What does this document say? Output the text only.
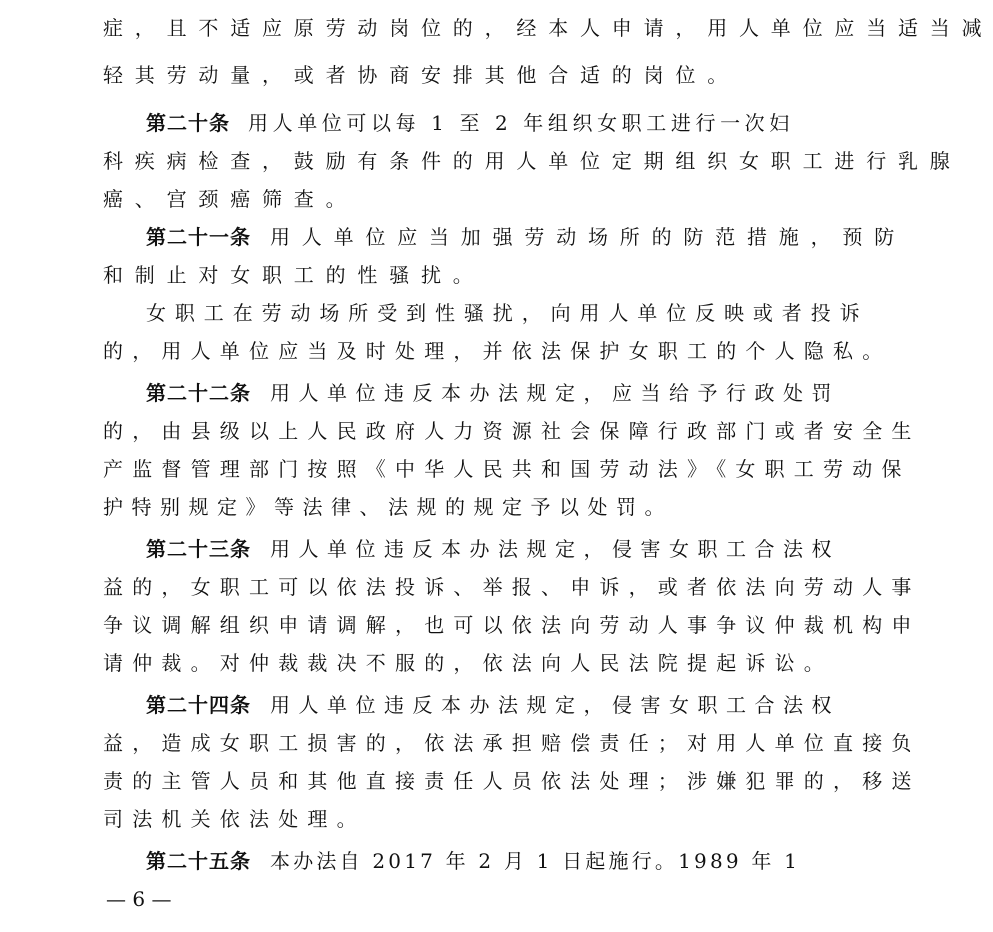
症，且不适应原劳动岗位的，经本人申请，用人单位应当适当减
轻其劳动量，或者协商安排其他合适的岗位。
第二十条 用人单位可以每 1 至 2 年组织女职工进行一次妇
科疾病检查，鼓励有条件的用人单位定期组织女职工进行乳腺
癌、宫颈癌筛查。
第二十一条 用人单位应当加强劳动场所的防范措施，预防
和制止对女职工的性骚扰。
女职工在劳动场所受到性骚扰，向用人单位反映或者投诉
的，用人单位应当及时处理，并依法保护女职工的个人隐私。
第二十二条 用人单位违反本办法规定，应当给予行政处罚
的，由县级以上人民政府人力资源社会保障行政部门或者安全生
产监督管理部门按照《中华人民共和国劳动法》《女职工劳动保
护特别规定》等法律、法规的规定予以处罚。
第二十三条 用人单位违反本办法规定，侵害女职工合法权
益的，女职工可以依法投诉、举报、申诉，或者依法向劳动人事
争议调解组织申请调解，也可以依法向劳动人事争议仲裁机构申
请仲裁。对仲裁裁决不服的，依法向人民法院提起诉讼。
第二十四条 用人单位违反本办法规定，侵害女职工合法权
益，造成女职工损害的，依法承担赔偿责任；对用人单位直接负
责的主管人员和其他直接责任人员依法处理；涉嫌犯罪的，移送
司法机关依法处理。
第二十五条 本办法自 2017 年 2 月 1 日起施行。1989 年 1
— 6 —
